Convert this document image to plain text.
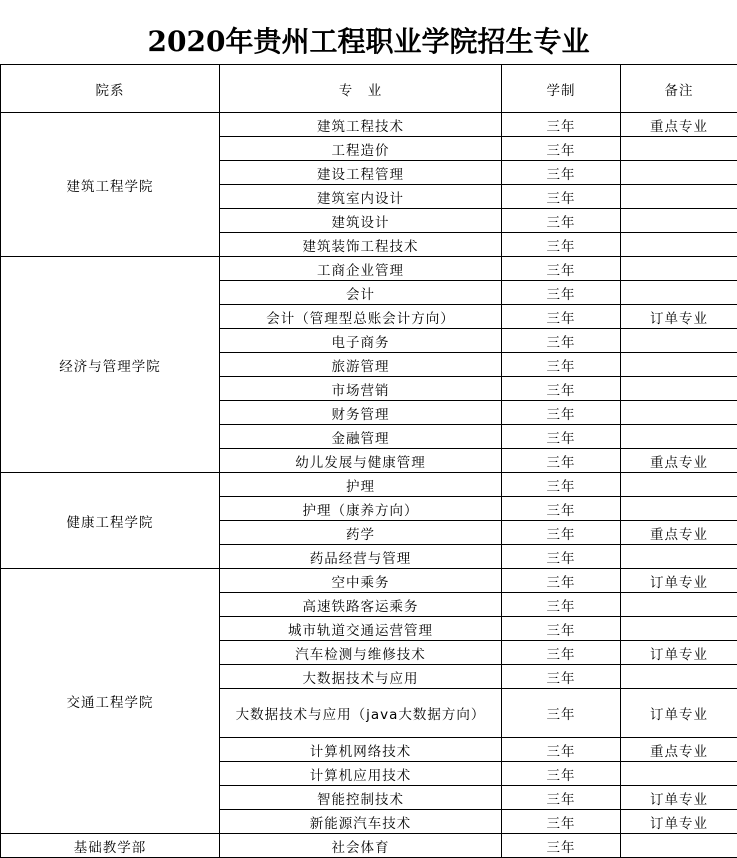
2020年贵州工程职业学院招生专业
院系	专　业	学制	备注
建筑工程学院	建筑工程技术	三年	重点专业
	工程造价	三年	
	建设工程管理	三年	
	建筑室内设计	三年	
	建筑设计	三年	
	建筑装饰工程技术	三年	
经济与管理学院	工商企业管理	三年	
	会计	三年	
	会计（管理型总账会计方向）	三年	订单专业
	电子商务	三年	
	旅游管理	三年	
	市场营销	三年	
	财务管理	三年	
	金融管理	三年	
	幼儿发展与健康管理	三年	重点专业
健康工程学院	护理	三年	
	护理（康养方向）	三年	
	药学	三年	重点专业
	药品经营与管理	三年	
交通工程学院	空中乘务	三年	订单专业
	高速铁路客运乘务	三年	
	城市轨道交通运营管理	三年	
	汽车检测与维修技术	三年	订单专业
	大数据技术与应用	三年	
	大数据技术与应用（java大数据方向）	三年	订单专业
	计算机网络技术	三年	重点专业
	计算机应用技术	三年	
	智能控制技术	三年	订单专业
	新能源汽车技术	三年	订单专业
基础教学部	社会体育	三年	
